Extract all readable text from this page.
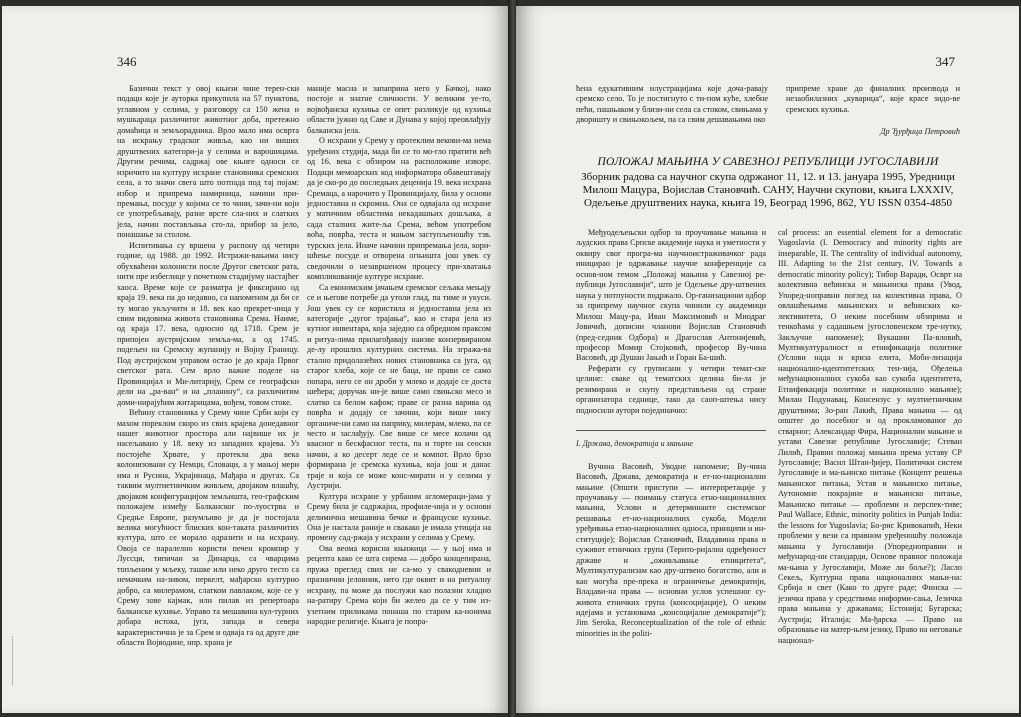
346

Базични текст у овој књизи чине терен-ски подаци које је ауторка прикупила на 57 пунктова, углавном у селима, у разговору са 150 жена и мушкараца различитог животног доба, претежно домаћица и земљорадника. Врло мало има осврта на искрању градског живља, као ни виших друштвених категори-ја у селима и варошицама. Другим речима, садржај ове књиге односи се изричито на културу исхране становника сремских села, а то значи свега што потпада под тај појам: избор и припрема намирница, начини при-премања, посуде у којима се то чини, зачи-ни који се употребљавају, разне врсте сла-них и слатких јела, начин постављања сто-ла, прибор за јело, понашање за столом.

Испитивања су вршена у распону од четири године, од 1988. до 1992. Истражи-вањима нису обухваћени колонисти после Другог светског рата, нити пре избеглице у почетном стадијуму настајћег хаоса. Време које се разматра је фиксирано од краја 19. века па до недавно, са напоменом да би се ту могао укључити и 18. век као прекрет-ница у свим видовима живота становника Срема. Наиме, од краја 17. века, односно од 1718. Срем је припојен аустријским земља-ма, а од 1745. подељен на Сремску жупанију и Војну Границу. Под аустријском управом остао је до краја Првог светског рата. Сем врло важне поделе на Провинцијал и Ми-литарију, Срем се географски дели на „ра-ван“ и на „планину“, са различитим доми-нирајућим житарицама, вођем, товом стоке.

Већину становника у Срему чине Срби који су махом пореклом скоро из свих крајева донедавног нашег животног простора али највише их је насељавано у 18. веку из западних крајева. Уз постојеће Хрвате, у протекла два века колонизовани су Немци, Словаци, а у мањој мери има и Русина, Украјинаца, Мађара и другах. Са таквим мултиетничким живљем, двојаком влашћу, двојаком конфигурацијом земљишта, гео-графским положајем између Балканског по-луострва и Средње Европе, разумљиво је да је постојала велика могућност блиских кон-таката различитих култура, што се морало одразити и на исхрану. Овоја се паралелно користи печен кромпир у Луссци, типичан за Динарца, са чварцима топљеним у мљеку, ташке или неко друго тесто са немачким на-зивом, перкелт, мађарско културно добро, са милерамом, слатком павлаком, које се у Срему зове кајмак, или пилав из репертоара балканске кухиње. Управо та мешавина кул-турних добара истока, југа, запада и севера карактеристична је за Срем и одваја га од друге две области Војводине, нпр. храна је

маније масна и запаприна него у Бачкој, нако постоје и знатне сличности. У великим уе-то, војвођанска кухиња се опет разликује од кухиња области јужно од Саве и Дунава у којој преовлађују балканска јела.

О исхрани у Срему у протеклим векови-ма нема уређених студија, мада би се то мо-гло пратити већ од 16. века с обзиром на расположиве изворе. Подаци мемоарских код информатора обавештавају да је ско-ро до последњих деценија 19. века исхрана Сремаца, а нарочито у Провинцијалу, била у основи једноставна и скромна. Она се одвајала од исхране у матичним областима некадашњих дошљака, а сада сталних жите-ља Срема, већом употребом воћа, поврћа, теста и мањом заступљеношћу тзв. турских јела. Иначе начини припремања јела, кори-шћење посуде и отворена огњишта још увек су сведочили о незавршеном процесу при-хватања компликованије културе исхране.

Са економским јачањем сремског сељака мењају се и његове потребе да утоли глад, па тиме и укуси. Још увек су се користила и једноставна јела из категорије „дугог трајања“, као и стара јела из кутног инвентара, која заједно са обредном праксом и ритуа-лима прилагођавају наизве конзервираном де-лу прошлих културних система. На згража-ва стално придолазећих нових становника са југа, од старог хлеба, које се не баца, не прави се само попара, него се он дроби у млеко и додаје се доста шећера; доручак ни-је више само свињско месо и слатко са белом кафом; праве се разна варива од поврћа и додају се зачини, који више нису органиче-ни само на паприку, милерам, млеко, па се често и заслађују. Све више се месе колачи од квасног и бескфасног теста, па и торте на сеоски начин, а ко десерт леде се и компот. Врло брзо формирана је сремска кухиња, која још и данас траје и која се може конс-мирати и у селима у Аустрији.

Култура исхране у урбаним агломераци-јама у Срему била је садржајна, профиле-нија и у основи делимична мешавина бечке и француске кухиње. Она је настала раније и свакако је имала утицаја на промену сад-ржаја у исхрани у селима у Срему.

Ова веома корисна књижица — у њој има и рецепта како се шта сирема — добро концепирана, пружа преглед свих не са-мо у свакодневни и празнични јеловник, него где оквит и на ритуалну исхрану, па може да послужи као полазни хладно на-ратиру Срема који би желео да се у тим из-узетним приликама понаша по старим ка-нонима народне религије. Књига је попра-

347

ћена едукативним илустрацијама које доча-равају сремско село. То је постигнуто с ти-пом куће, хлебне пећи, пашњаком у близи-ни села са стоком, свињама у дворишту и свињокољем, па са свим дешавањима око

припреме хране до финалних производа и незаобилазних „кувариџа“, које красе зидо-ве сремских кухиња.

Др Ђурђица Петровић

ПОЛОЖАЈ МАЊИНА У САВЕЗНОЈ РЕПУБЛИЦИ ЈУГОСЛАВИЈИ

Зборник радова са научног скупа одржаног 11, 12. и 13. јануара 1995, Уредници Милош Мацура, Војислав Становчић. САНУ, Научни скупови, књига LXXXIV, Одељење друштвених наука, књига 19, Београд 1996, 862, YU ISSN 0354-4850

Међуодељењски одбор за проучавање мањина и људских права Српске академије наука и уметности у оквиру свог програ-ма научноистраживачког рада иницирао је одржавање научне конференције са основ-ном темом „Положај мањина у Савезној ре-публици Југославији“, што је Одељење дру-штвених наука у потпуности подржало. Ор-ганизациони одбор за припрему научног скупа чинили су академици Милош Мацу-ра, Иван Максимовић и Миодраг Јовичић, дописни чланови Војислав Становчић (пред-седник Одбора) и Драгослав Антонијевић, професор Момир Стојковић, професор Ву-чина Васовић, др Душан Јањић и Горан Ба-шић.

Реферати су груписани у четири темат-ске целине: сваке од тематских целина би-ла је резимирана и скупу представљена од стране организатора седнице, тако да саоп-штења нису подносили аутори појединачно:

I. Држава, демократија и мањине

Вучина Васовић, Уводне напомене; Ву-чина Васовић, Држава, демократија и ет-но-национални мањине (Општи приступи — интерпретације у проучавању — поимању статуса етно-националних мањина, Услови и детерминанте системског решавања ет-но-националних сукоба, Модели уређивања етно-националних односа, принципи и ин-ституције); Војислав Становчић, Владавина права и суживот етничких група (Терито-ријална одређеност државе и „оживљавање етницитета“, Мултикултурализам као дру-штвено богатство, али и као могућа пре-прека и ограничење демократији, Владави-на права — основни услов успешног су-живота етничких група (консоцијације), О неким идејама и установама „консоцијалне демократије“); Jim Seroka, Reconceptualization of the role of ethnic minorities in the politi-

cal process: an essential element for a democratic Yugoslavia (I. Democracy and minority rights are inseparable, II. The centrality of individual autonomy, III. Adapting to the 21st century, IV. Towards a democratic minority policy); Тибор Варади, Осврт на колективна већинска и мањинска права (Увод, Упоред-ноправни поглед на колективна права, О овлашћењима мањинских и већинских ко-лективитета, О неким посебним обзирима и тенкоћама у садашњем југословенском тре-нутку, Закључне напомене); Вукашин Па-вловић, Мултикултуралност и етнификација политике (Услови нада и криза елита, Моби-лизација национално-идентитетских тен-зија, Ођелења међунационалних сукоба као сукоба идентитета, Етнификација политике и национално мањине); Милан Подунавац, Консензус у мултиетничким друштвима; Зо-ран Лакић, Права мањина — од општег до посебног и од прокламованог до стварног; Александар Фира, Национални мањине и устави Савезне републике Југославије; Стеван Лилић, Правни положај мањина према уставу СР Југославије; Васил Штан-ђијер, Политички систем Југославије и ма-њинско питање (Концепт решења мањинског питања, Устав и мањинско питање, Аутономне покрајине и мањинско питање, Мањинско питање — проблеми и перспек-тиве; Paul Wallace, Ethnic, minority politics in Punjab India: the lessons for Yugoslavia; Бо-рис Кривокапић, Неки проблеми у вези са правном уређеношћу положаја мањина у Југославији (Упоредноправни и међународ-ни стандарди, Основе правног положаја ма-њина у Југославији, Може ли боље?); Ласло Секељ, Културна права националних мањи-на: Србија и свет (Како то друге раде; Финска — језичка права у средствима информи-сања, Језичка права мањина у државама; Естонија; Бугарска; Аустрија; Италија; Ма-ђарска — Право на образовање на матер-њем језику, Право на неговање национал-
